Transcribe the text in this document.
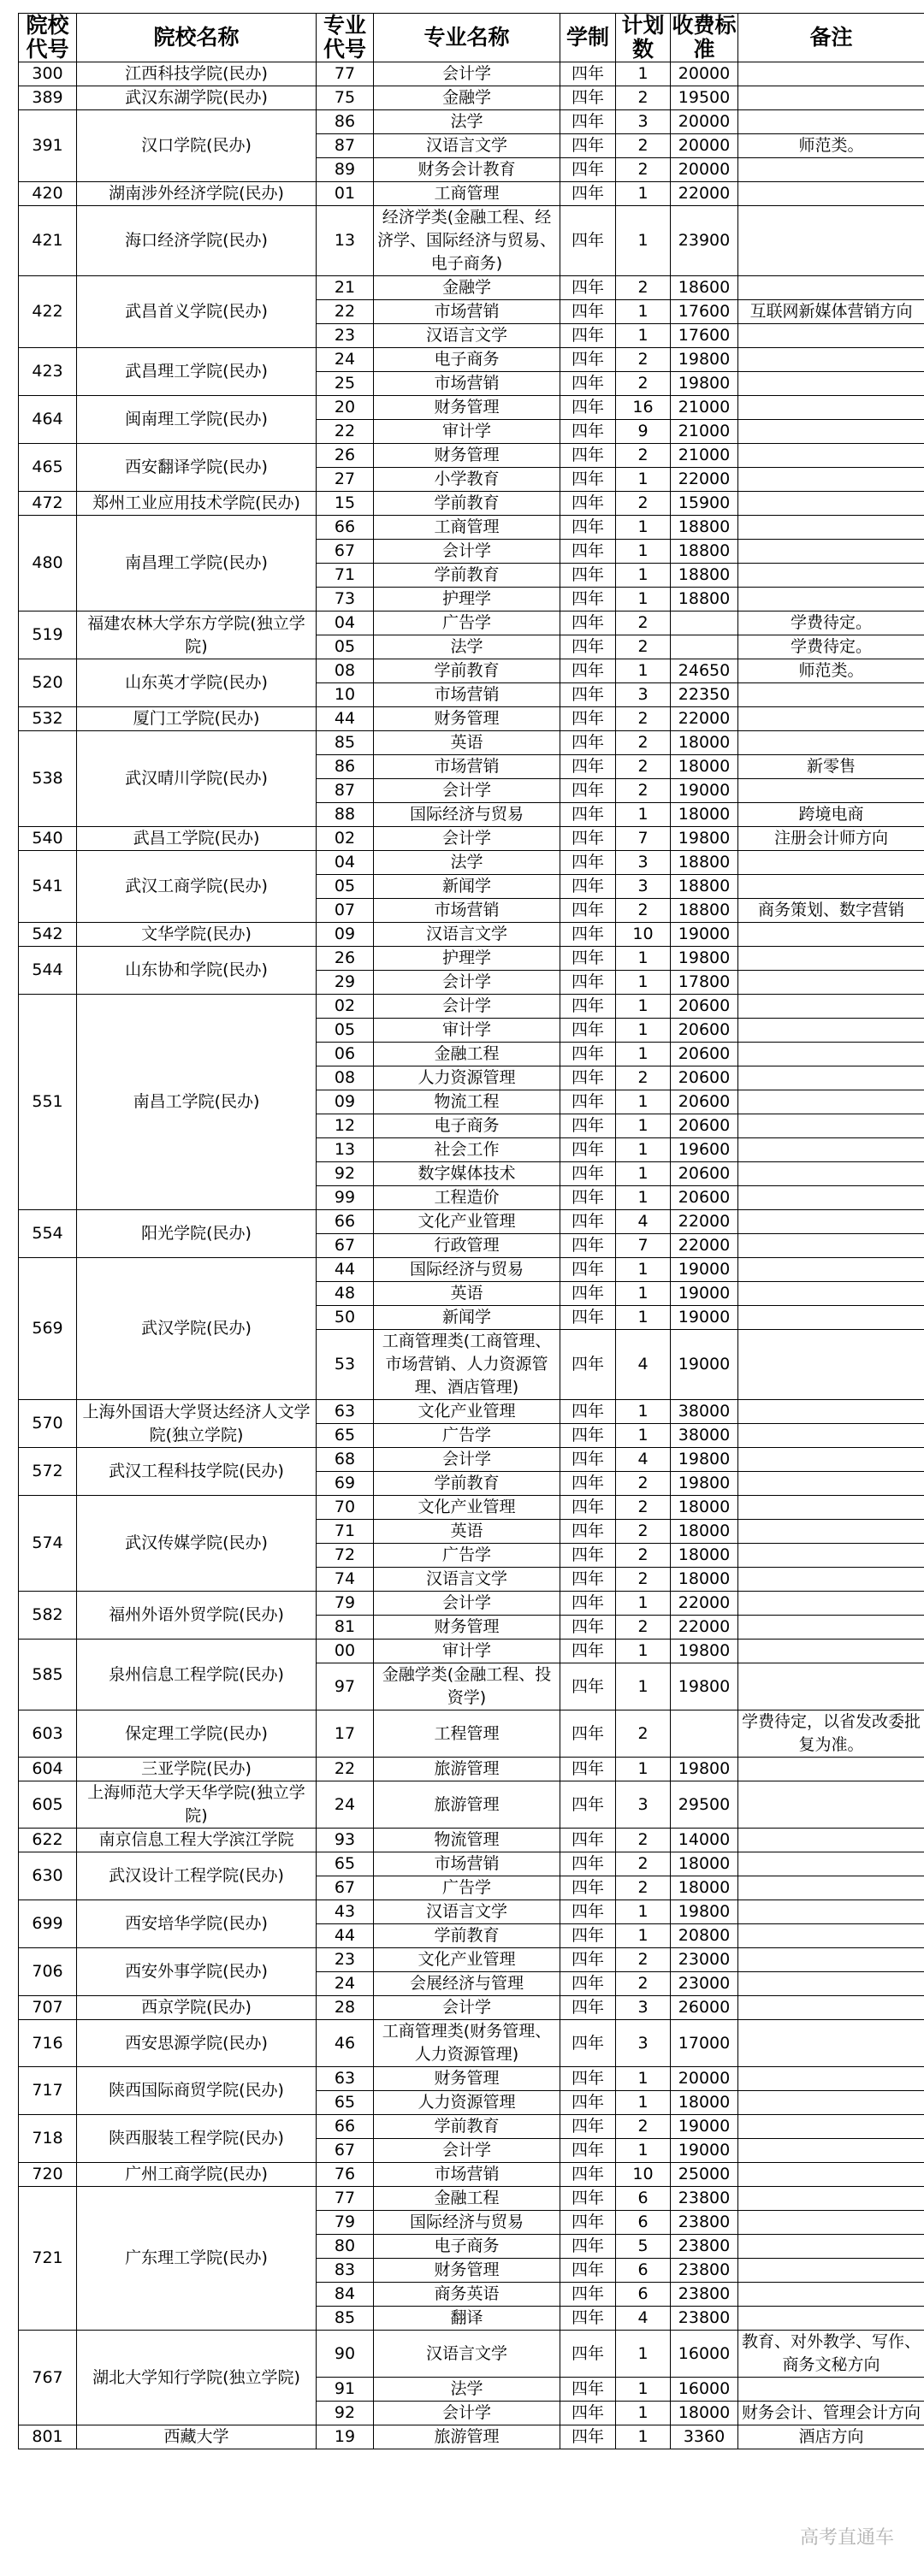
院校代号	院校名称	专业代号	专业名称	学制	计划数	收费标准	备注
300	江西科技学院(民办)	77	会计学	四年	1	20000	
389	武汉东湖学院(民办)	75	金融学	四年	2	19500	
391	汉口学院(民办)	86	法学	四年	3	20000	
		87	汉语言文学	四年	2	20000	师范类。
		89	财务会计教育	四年	2	20000	
420	湖南涉外经济学院(民办)	01	工商管理	四年	1	22000	
421	海口经济学院(民办)	13	经济学类(金融工程、经济学、国际经济与贸易、电子商务)	四年	1	23900	
422	武昌首义学院(民办)	21	金融学	四年	2	18600	
		22	市场营销	四年	1	17600	互联网新媒体营销方向
		23	汉语言文学	四年	1	17600	
423	武昌理工学院(民办)	24	电子商务	四年	2	19800	
		25	市场营销	四年	2	19800	
464	闽南理工学院(民办)	20	财务管理	四年	16	21000	
		22	审计学	四年	9	21000	
465	西安翻译学院(民办)	26	财务管理	四年	2	21000	
		27	小学教育	四年	1	22000	
472	郑州工业应用技术学院(民办)	15	学前教育	四年	2	15900	
480	南昌理工学院(民办)	66	工商管理	四年	1	18800	
		67	会计学	四年	1	18800	
		71	学前教育	四年	1	18800	
		73	护理学	四年	1	18800	
519	福建农林大学东方学院(独立学院)	04	广告学	四年	2		学费待定。
		05	法学	四年	2		学费待定。
520	山东英才学院(民办)	08	学前教育	四年	1	24650	师范类。
		10	市场营销	四年	3	22350	
532	厦门工学院(民办)	44	财务管理	四年	2	22000	
538	武汉晴川学院(民办)	85	英语	四年	2	18000	
		86	市场营销	四年	2	18000	新零售
		87	会计学	四年	2	19000	
		88	国际经济与贸易	四年	1	18000	跨境电商
540	武昌工学院(民办)	02	会计学	四年	7	19800	注册会计师方向
541	武汉工商学院(民办)	04	法学	四年	3	18800	
		05	新闻学	四年	3	18800	
		07	市场营销	四年	2	18800	商务策划、数字营销
542	文华学院(民办)	09	汉语言文学	四年	10	19000	
544	山东协和学院(民办)	26	护理学	四年	1	19800	
		29	会计学	四年	1	17800	
551	南昌工学院(民办)	02	会计学	四年	1	20600	
		05	审计学	四年	1	20600	
		06	金融工程	四年	1	20600	
		08	人力资源管理	四年	2	20600	
		09	物流工程	四年	1	20600	
		12	电子商务	四年	1	20600	
		13	社会工作	四年	1	19600	
		92	数字媒体技术	四年	1	20600	
		99	工程造价	四年	1	20600	
554	阳光学院(民办)	66	文化产业管理	四年	4	22000	
		67	行政管理	四年	7	22000	
569	武汉学院(民办)	44	国际经济与贸易	四年	1	19000	
		48	英语	四年	1	19000	
		50	新闻学	四年	1	19000	
		53	工商管理类(工商管理、市场营销、人力资源管理、酒店管理)	四年	4	19000	
570	上海外国语大学贤达经济人文学院(独立学院)	63	文化产业管理	四年	1	38000	
		65	广告学	四年	1	38000	
572	武汉工程科技学院(民办)	68	会计学	四年	4	19800	
		69	学前教育	四年	2	19800	
574	武汉传媒学院(民办)	70	文化产业管理	四年	2	18000	
		71	英语	四年	2	18000	
		72	广告学	四年	2	18000	
		74	汉语言文学	四年	2	18000	
582	福州外语外贸学院(民办)	79	会计学	四年	1	22000	
		81	财务管理	四年	2	22000	
585	泉州信息工程学院(民办)	00	审计学	四年	1	19800	
		97	金融学类(金融工程、投资学)	四年	1	19800	
603	保定理工学院(民办)	17	工程管理	四年	2		学费待定，以省发改委批复为准。
604	三亚学院(民办)	22	旅游管理	四年	1	19800	
605	上海师范大学天华学院(独立学院)	24	旅游管理	四年	3	29500	
622	南京信息工程大学滨江学院	93	物流管理	四年	2	14000	
630	武汉设计工程学院(民办)	65	市场营销	四年	2	18000	
		67	广告学	四年	2	18000	
699	西安培华学院(民办)	43	汉语言文学	四年	1	19800	
		44	学前教育	四年	1	20800	
706	西安外事学院(民办)	23	文化产业管理	四年	2	23000	
		24	会展经济与管理	四年	2	23000	
707	西京学院(民办)	28	会计学	四年	3	26000	
716	西安思源学院(民办)	46	工商管理类(财务管理、人力资源管理)	四年	3	17000	
717	陕西国际商贸学院(民办)	63	财务管理	四年	1	20000	
		65	人力资源管理	四年	1	18000	
718	陕西服装工程学院(民办)	66	学前教育	四年	2	19000	
		67	会计学	四年	1	19000	
720	广州工商学院(民办)	76	市场营销	四年	10	25000	
721	广东理工学院(民办)	77	金融工程	四年	6	23800	
		79	国际经济与贸易	四年	6	23800	
		80	电子商务	四年	5	23800	
		83	财务管理	四年	6	23800	
		84	商务英语	四年	6	23800	
		85	翻译	四年	4	23800	
767	湖北大学知行学院(独立学院)	90	汉语言文学	四年	1	16000	教育、对外教学、写作、商务文秘方向
		91	法学	四年	1	16000	
		92	会计学	四年	1	18000	财务会计、管理会计方向
801	西藏大学	19	旅游管理	四年	1	3360	酒店方向
高考直通车
